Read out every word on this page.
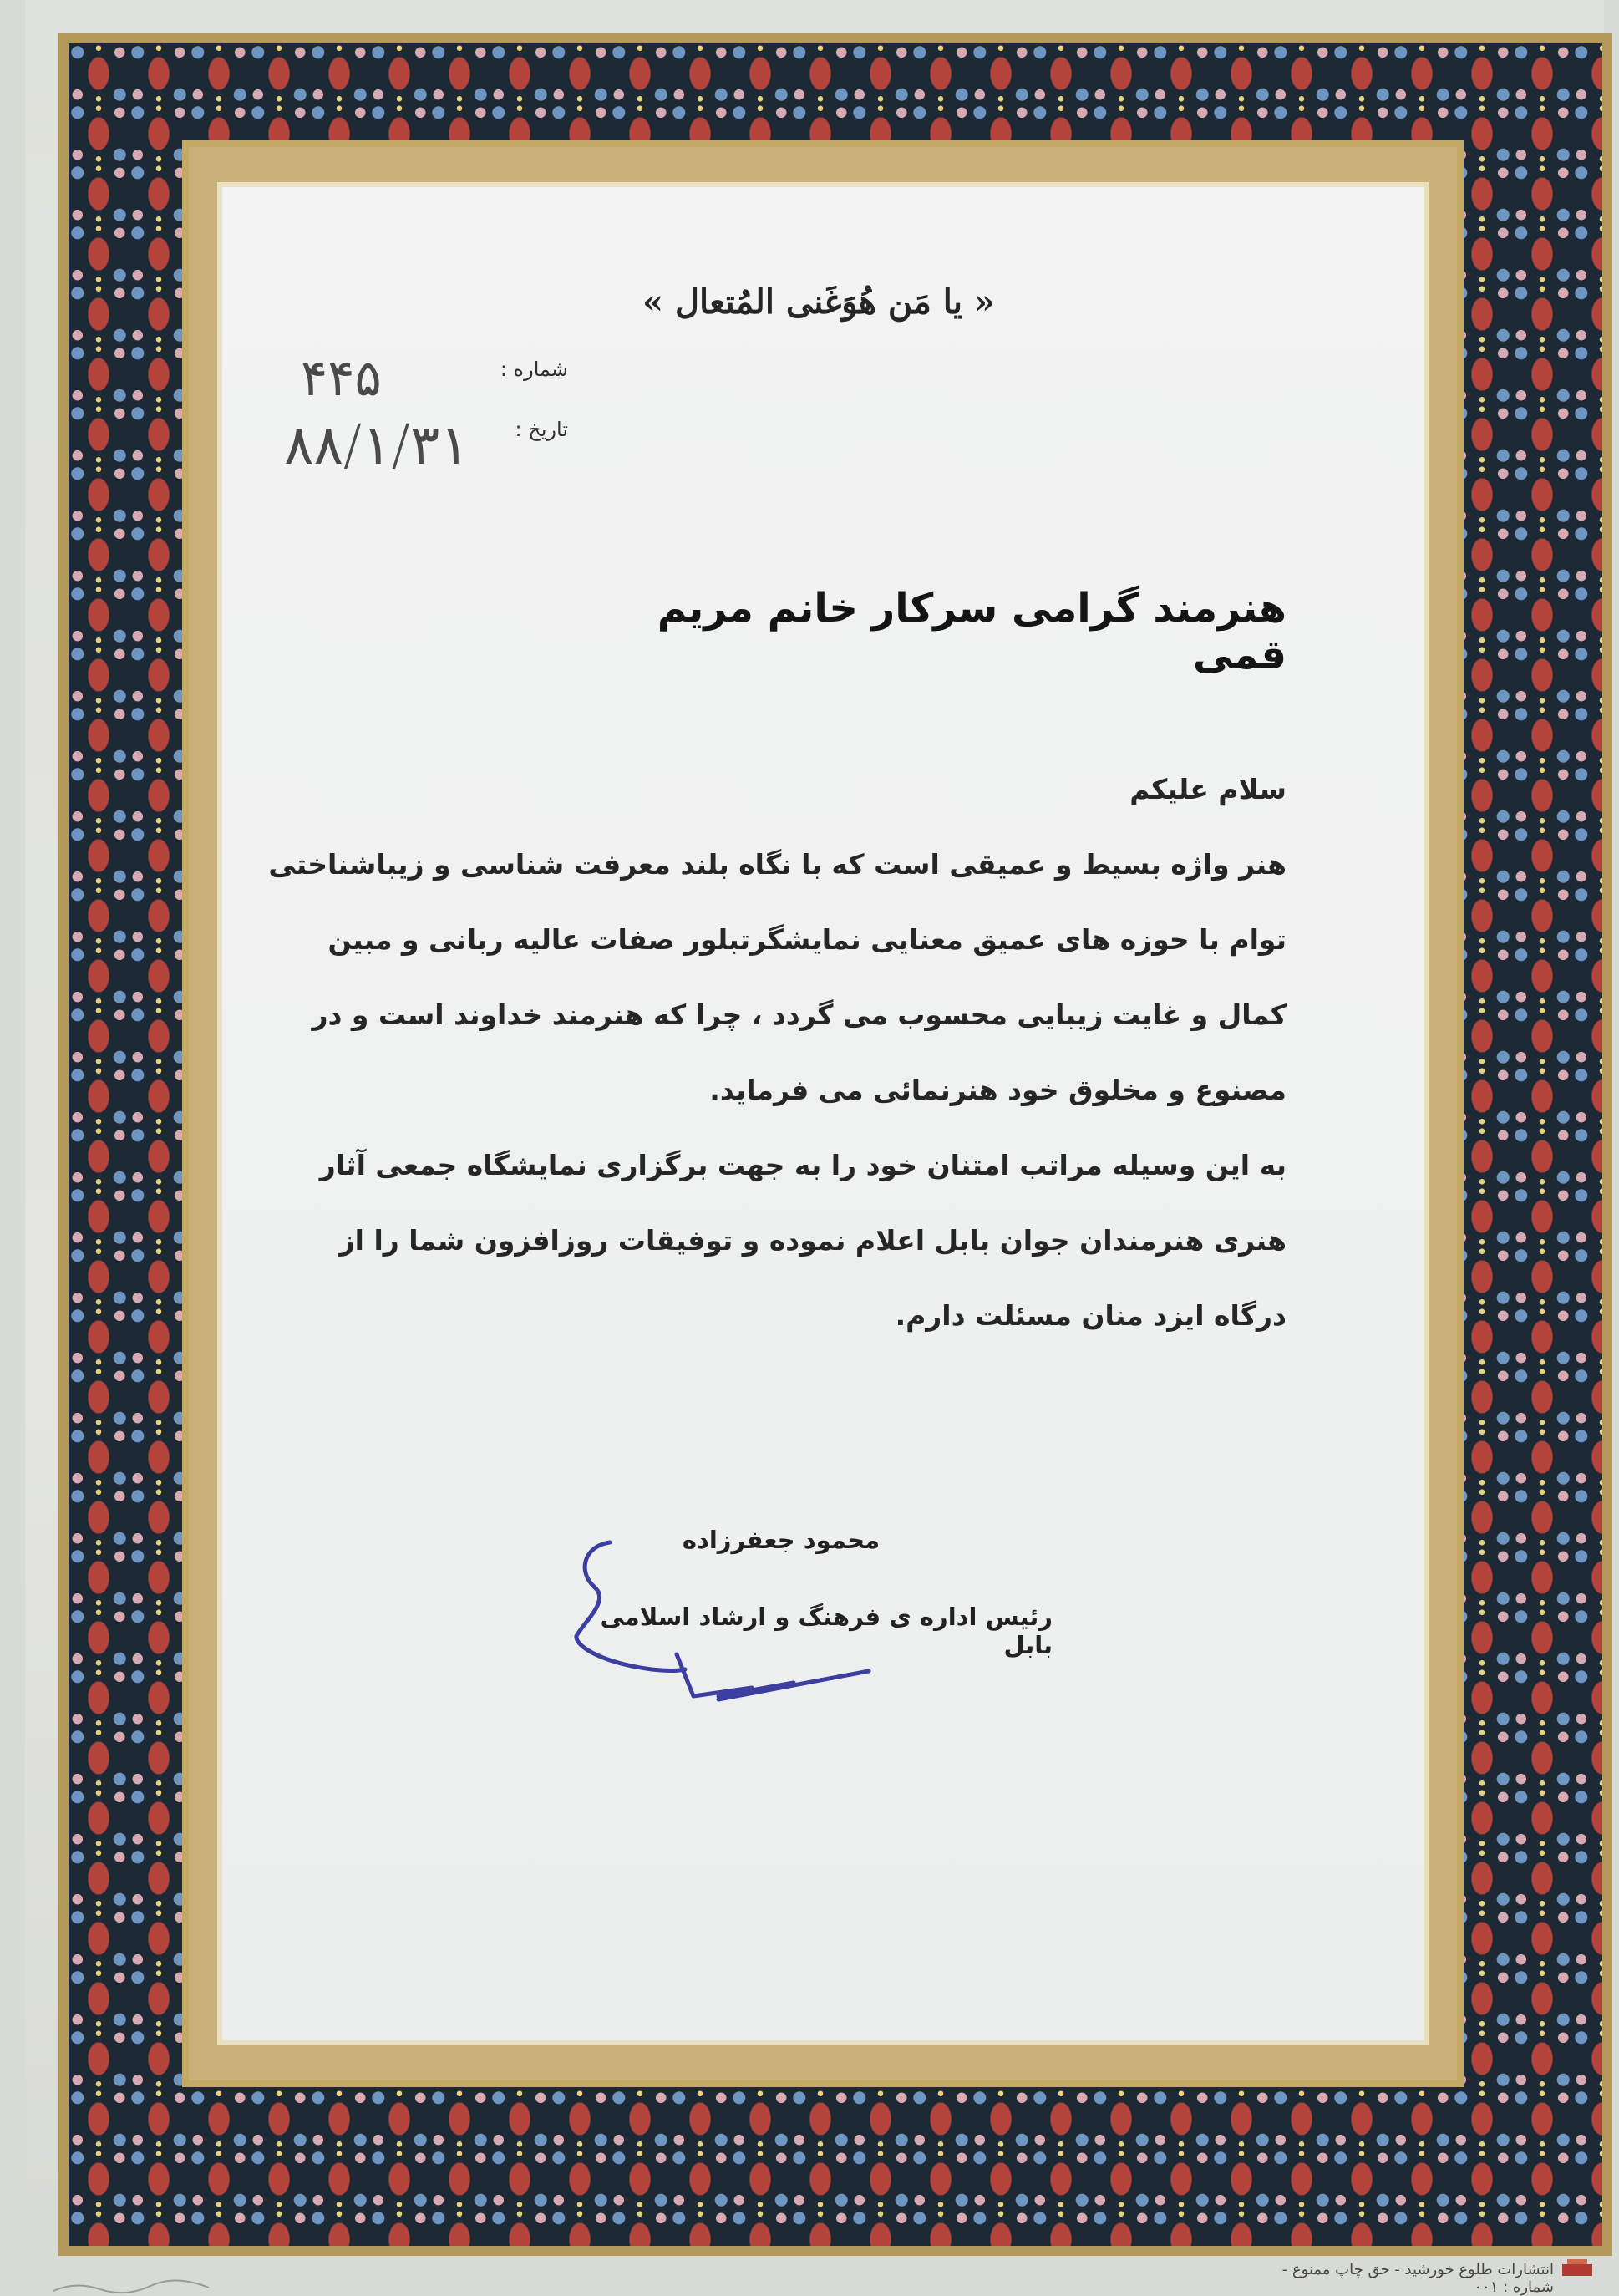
« یا مَن هُوَغَنی المُتعال »
شماره :
۴۴۵
تاریخ :
۸۸/۱/۳۱
هنرمند گرامی سرکار خانم مریم قمی
سلام علیکم
هنر واژه بسیط و عمیقی است که با نگاه بلند معرفت شناسی و زیباشناختی
توام با حوزه های عمیق معنایی نمایشگرتبلور صفات عالیه ربانی و مبین
کمال و غایت زیبایی محسوب می گردد ، چرا که هنرمند خداوند است و در
مصنوع و مخلوق خود هنرنمائی می فرماید.
به این وسیله مراتب امتنان خود را به جهت برگزاری نمایشگاه جمعی آثار
هنری هنرمندان جوان بابل اعلام نموده و توفیقات روزافزون شما را از
درگاه ایزد منان مسئلت دارم.
محمود جعفرزاده
رئیس اداره ی فرهنگ و ارشاد اسلامی بابل
انتشارات طلوع خورشید - حق چاپ ممنوع - شماره : ۰۰۱
